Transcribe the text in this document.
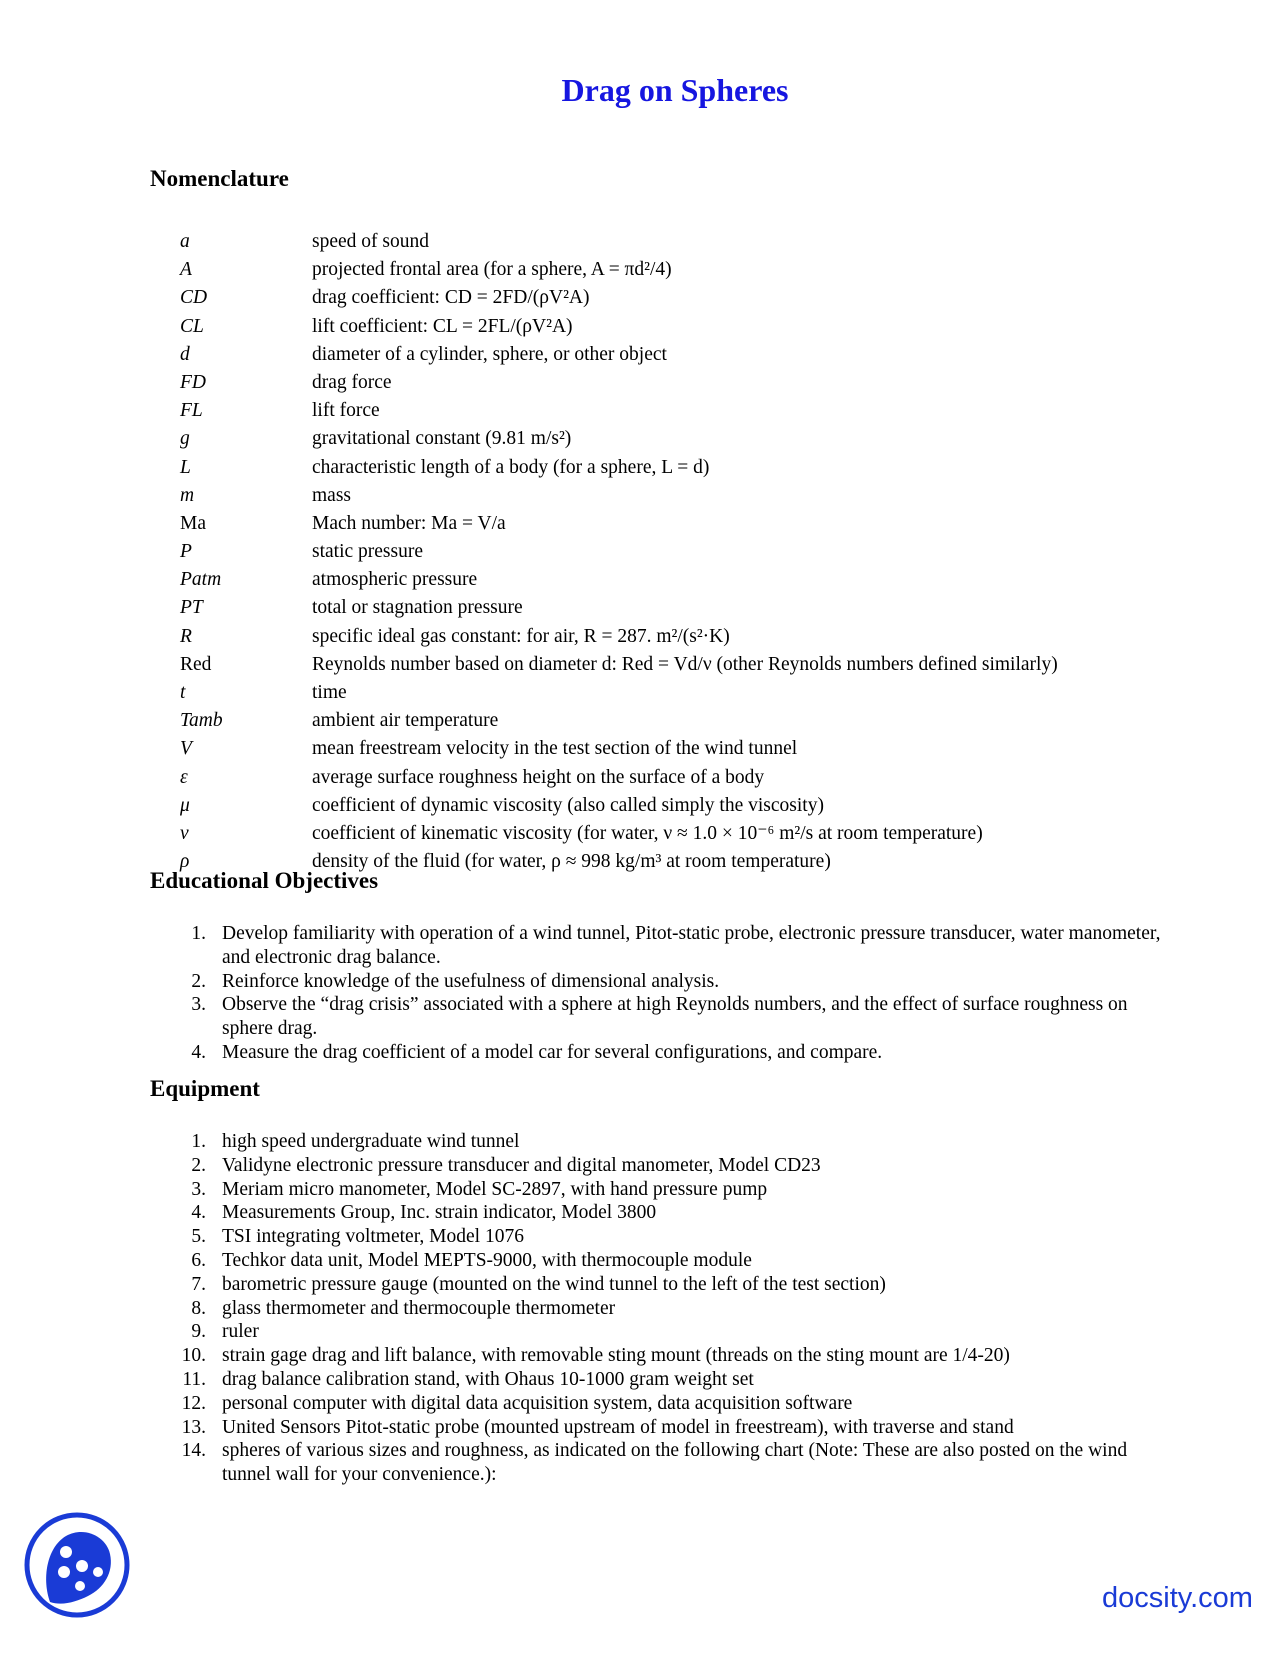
Drag on Spheres
Nomenclature
a	speed of sound
A	projected frontal area (for a sphere, A = πd²/4)
CD	drag coefficient: CD = 2FD/(ρV²A)
CL	lift coefficient: CL = 2FL/(ρV²A)
d	diameter of a cylinder, sphere, or other object
FD	drag force
FL	lift force
g	gravitational constant (9.81 m/s²)
L	characteristic length of a body (for a sphere, L = d)
m	mass
Ma	Mach number: Ma = V/a
P	static pressure
Patm	atmospheric pressure
PT	total or stagnation pressure
R	specific ideal gas constant: for air, R = 287. m²/(s²·K)
Red	Reynolds number based on diameter d: Red = Vd/ν (other Reynolds numbers defined similarly)
t	time
Tamb	ambient air temperature
V	mean freestream velocity in the test section of the wind tunnel
ε	average surface roughness height on the surface of a body
μ	coefficient of dynamic viscosity (also called simply the viscosity)
ν	coefficient of kinematic viscosity (for water, ν ≈ 1.0 × 10⁻⁶ m²/s at room temperature)
ρ	density of the fluid (for water, ρ ≈ 998 kg/m³ at room temperature)
Educational Objectives
1. Develop familiarity with operation of a wind tunnel, Pitot-static probe, electronic pressure transducer, water manometer, and electronic drag balance.
2. Reinforce knowledge of the usefulness of dimensional analysis.
3. Observe the “drag crisis” associated with a sphere at high Reynolds numbers, and the effect of surface roughness on sphere drag.
4. Measure the drag coefficient of a model car for several configurations, and compare.
Equipment
1. high speed undergraduate wind tunnel
2. Validyne electronic pressure transducer and digital manometer, Model CD23
3. Meriam micro manometer, Model SC-2897, with hand pressure pump
4. Measurements Group, Inc. strain indicator, Model 3800
5. TSI integrating voltmeter, Model 1076
6. Techkor data unit, Model MEPTS-9000, with thermocouple module
7. barometric pressure gauge (mounted on the wind tunnel to the left of the test section)
8. glass thermometer and thermocouple thermometer
9. ruler
10. strain gage drag and lift balance, with removable sting mount (threads on the sting mount are 1/4-20)
11. drag balance calibration stand, with Ohaus 10-1000 gram weight set
12. personal computer with digital data acquisition system, data acquisition software
13. United Sensors Pitot-static probe (mounted upstream of model in freestream), with traverse and stand
14. spheres of various sizes and roughness, as indicated on the following chart (Note: These are also posted on the wind tunnel wall for your convenience.):
docsity.com
